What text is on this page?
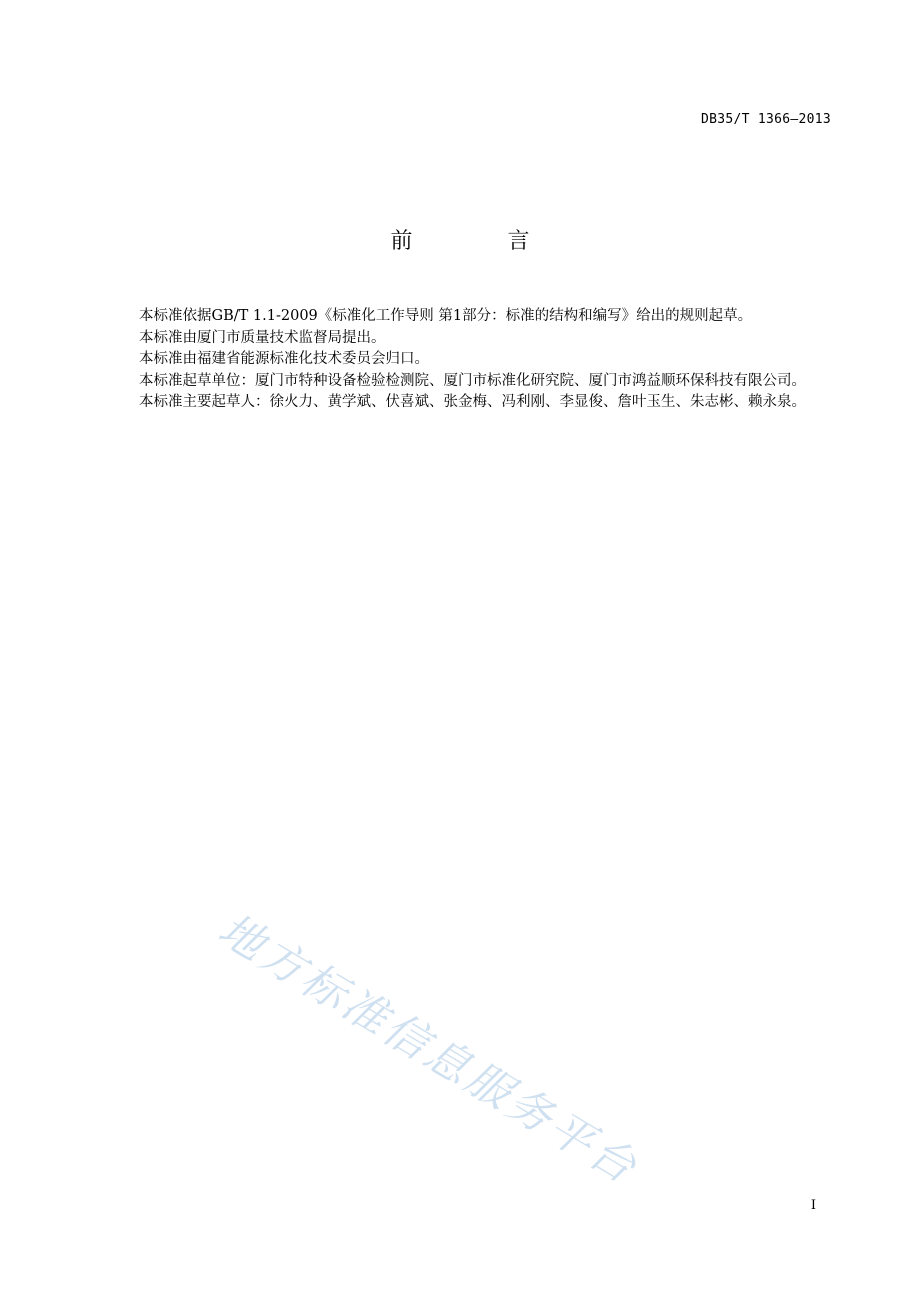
DB35/T 1366—2013
前 言

本标准依据GB/T 1.1-2009《标准化工作导则 第1部分：标准的结构和编写》给出的规则起草。

本标准由厦门市质量技术监督局提出。

本标准由福建省能源标准化技术委员会归口。

本标准起草单位：厦门市特种设备检验检测院、厦门市标准化研究院、厦门市鸿益顺环保科技有限公司。

本标准主要起草人：徐火力、黄学斌、伏喜斌、张金梅、冯利刚、李显俊、詹叶玉生、朱志彬、赖永泉。

地方标准信息服务平台
I
